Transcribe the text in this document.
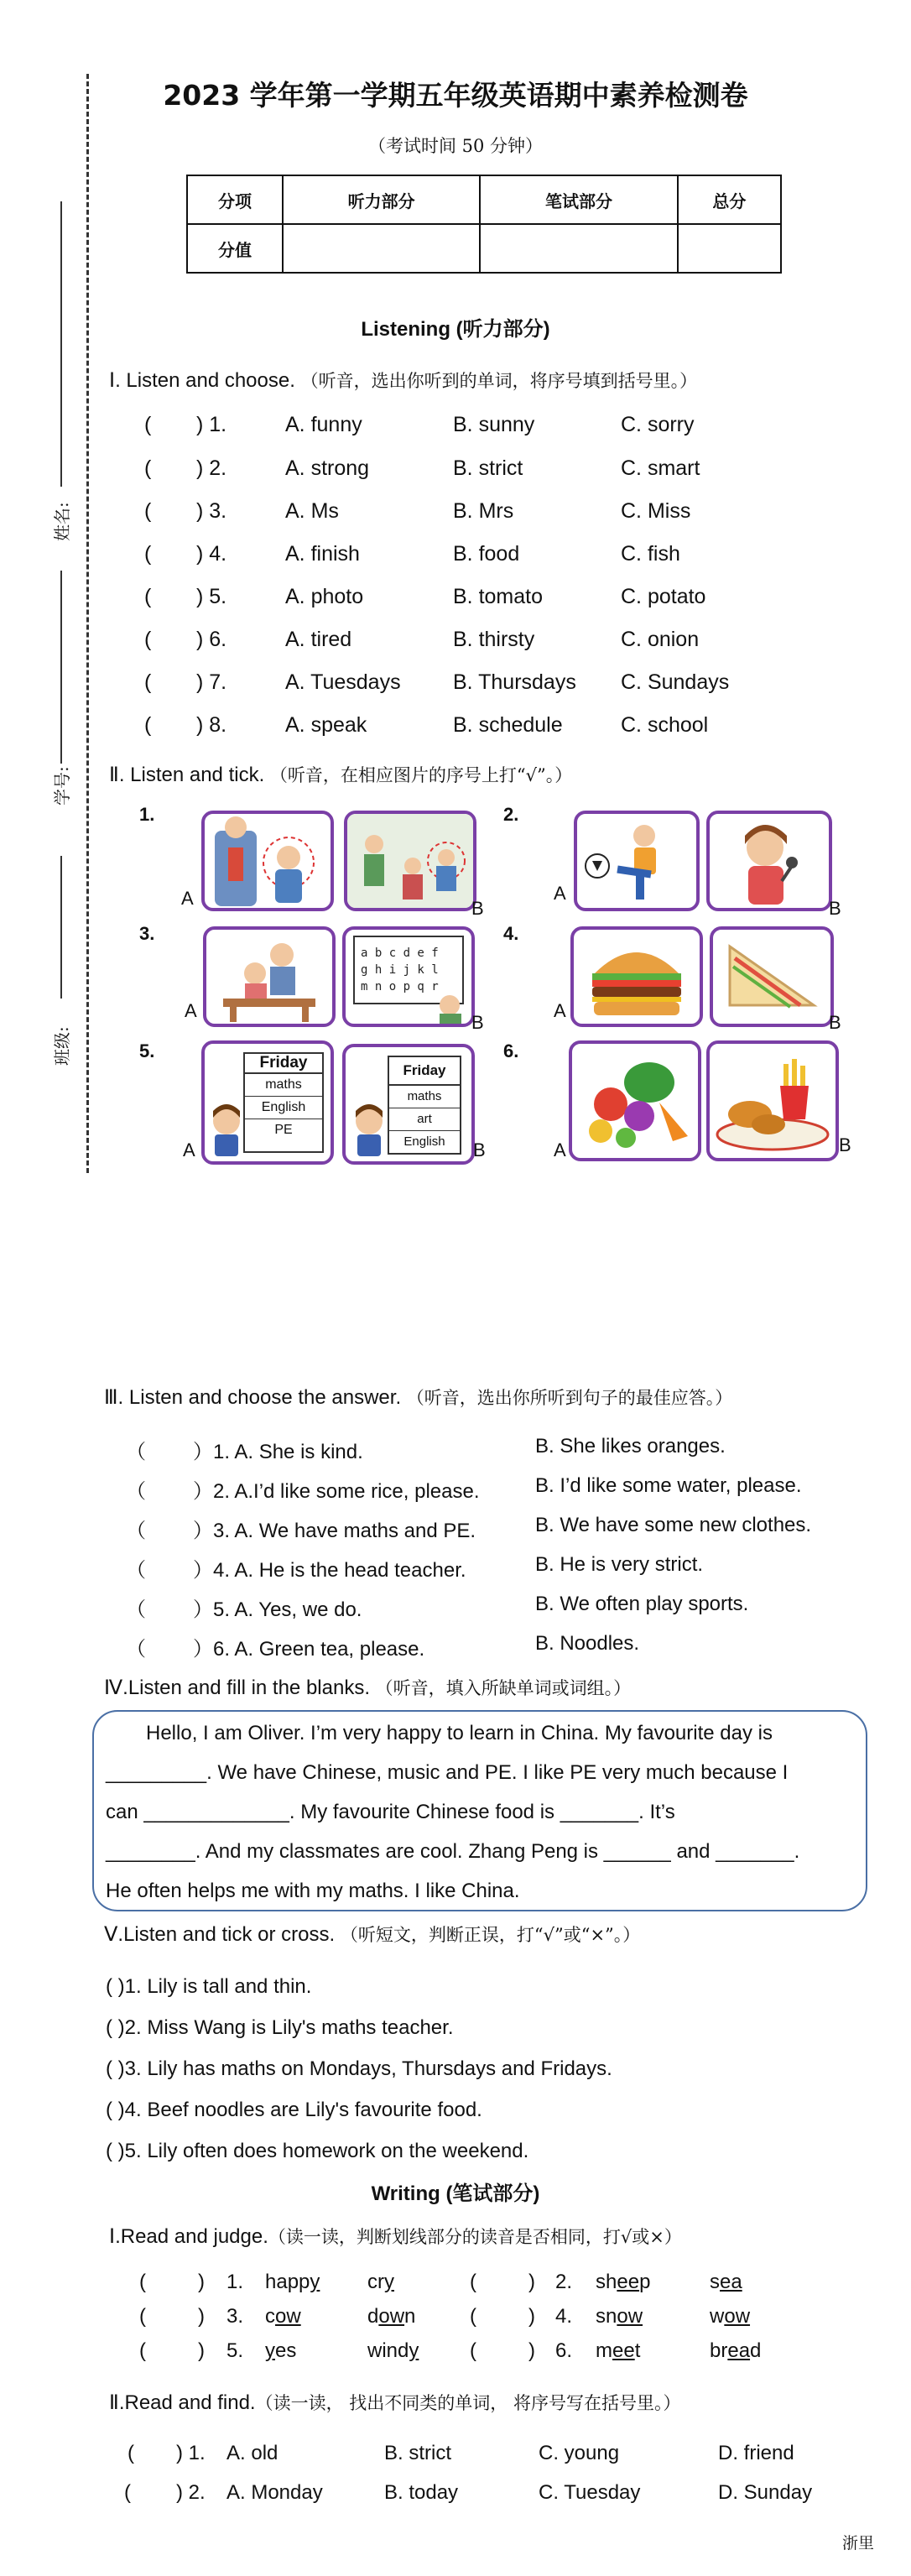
2023 学年第一学期五年级英语期中素养检测卷
（考试时间 50 分钟）
分项	听力部分	笔试部分	总分
分值			
姓名:
学号:
班级:
Listening (听力部分)
Ⅰ. Listen and choose. （听音，选出你听到的单词，将序号填到括号里。）
( ) 1.	A. funny	B. sunny	C. sorry
( ) 2.	A. strong	B. strict	C. smart
( ) 3.	A. Ms	B. Mrs	C. Miss
( ) 4.	A. finish	B. food	C. fish
( ) 5.	A. photo	B. tomato	C. potato
( ) 6.	A. tired	B. thirsty	C. onion
( ) 7.	A. Tuesdays B. Thursdays C. Sundays
( ) 8.	A. speak	B. schedule	C. school
Ⅱ. Listen and tick. （听音，在相应图片的序号上打“√”。）
1.
A	B
2.
A
B
3.
A
a b c d e f
g h i j k l
m n o p q r
B
4.
A
B
5.
A
Friday
maths
English
PE
Friday
maths
art
English	B
6.
A	B
Ⅲ. Listen and choose the answer. （听音，选出你所听到句子的最佳应答。）
（ ）1. A. She is kind.	B. She likes oranges.
（ ）2. A.I’d like some rice, please.	B. I’d like some water, please.
（ ）3. A. We have maths and PE.	B. We have some new clothes.
（ ）4. A. He is the head teacher.	B. He is very strict.
（ ）5. A. Yes, we do.	B. We often play sports.
（ ）6. A. Green tea, please.	B. Noodles.
Ⅳ.Listen and fill in the blanks. （听音，填入所缺单词或词组。）
Hello, I am Oliver. I’m very happy to learn in China. My favourite day is
_________. We have Chinese, music and PE. I like PE very much because I
can _____________. My favourite Chinese food is _______. It’s
________. And my classmates are cool. Zhang Peng is ______ and _______.
He often helps me with my maths. I like China.
Ⅴ.Listen and tick or cross. （听短文，判断正误，打“√”或“×”。）
( )1. Lily is tall and thin.
( )2. Miss Wang is Lily's maths teacher.
( )3. Lily has maths on Mondays, Thursdays and Fridays.
( )4. Beef noodles are Lily's favourite food.
( )5. Lily often does homework on the weekend.
Writing (笔试部分)
Ⅰ.Read and judge.（读一读，判断划线部分的读音是否相同，打√或×）
(	) 1. happy cry	(	) 2. sheep	sea
(	) 3. cow	down	(	) 4. snow	wow
(	) 5. yes	windy	(	) 6. meet	bread
Ⅱ.Read and find.（读一读， 找出不同类的单词， 将序号写在括号里。）
( ) 1. A. old	B. strict	C. young	D. friend
( ) 2. A. Monday	B. today	C. Tuesday	D. Sunday
浙里
